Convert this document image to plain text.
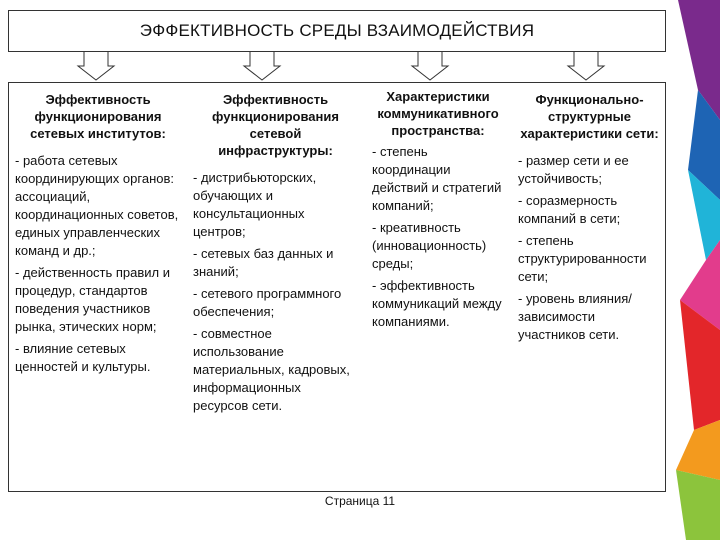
ЭФФЕКТИВНОСТЬ СРЕДЫ ВЗАИМОДЕЙСТВИЯ
Эффективность функционирования сетевых институтов:
- работа сетевых координирующих органов: ассоциаций, координационных советов, единых управленческих команд и др.;
- действенность правил и процедур, стандартов поведения участников рынка, этических норм;
- влияние сетевых ценностей и культуры.
Эффективность функционирования сетевой инфраструктуры:
- дистрибьюторских, обучающих и консультационных центров;
- сетевых баз данных и знаний;
- сетевого программного обеспечения;
- совместное использование материальных, кадровых, информационных ресурсов сети.
Характеристики коммуникативного пространства:
- степень координации действий и стратегий компаний;
- креативность (инновационность) среды;
- эффективность коммуникаций между компаниями.
Функционально-структурные характеристики сети:
- размер сети и ее устойчивость;
- соразмерность компаний в сети;
- степень структурированности сети;
- уровень влияния/ зависимости участников сети.
Страница 11
